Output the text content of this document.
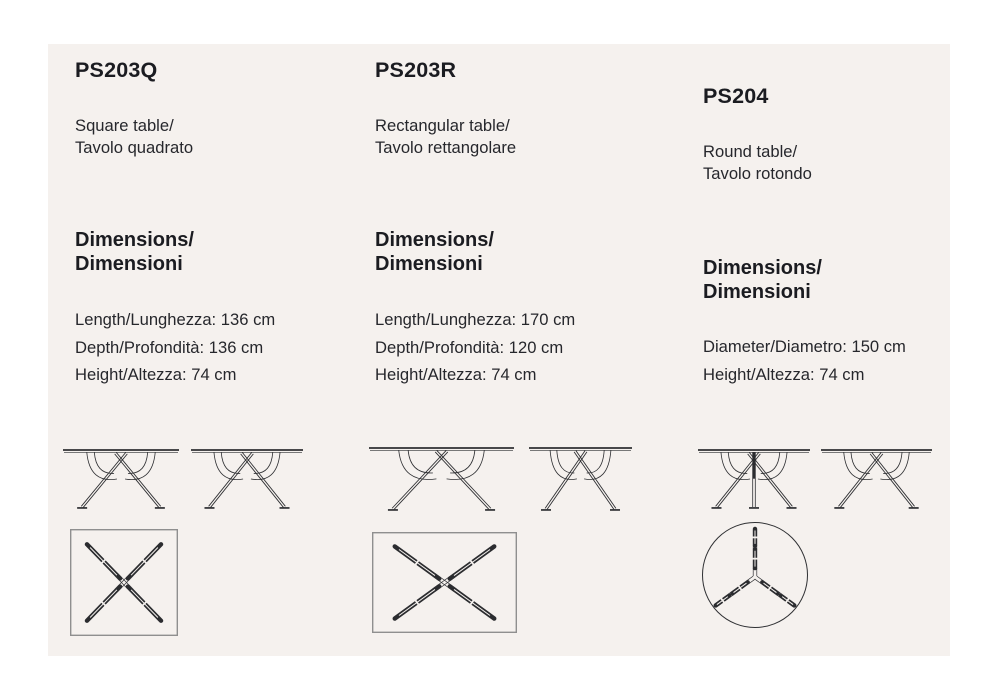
PS203Q
Square table/
Tavolo quadrato
Dimensions/
Dimensioni
Length/Lunghezza: 136 cm
Depth/Profondità: 136 cm
Height/Altezza: 74 cm
PS203R
Rectangular table/
Tavolo rettangolare
Dimensions/
Dimensioni
Length/Lunghezza: 170 cm
Depth/Profondità: 120 cm
Height/Altezza: 74 cm
PS204
Round table/
Tavolo rotondo
Dimensions/
Dimensioni
Diameter/Diametro: 150 cm
Height/Altezza: 74 cm
